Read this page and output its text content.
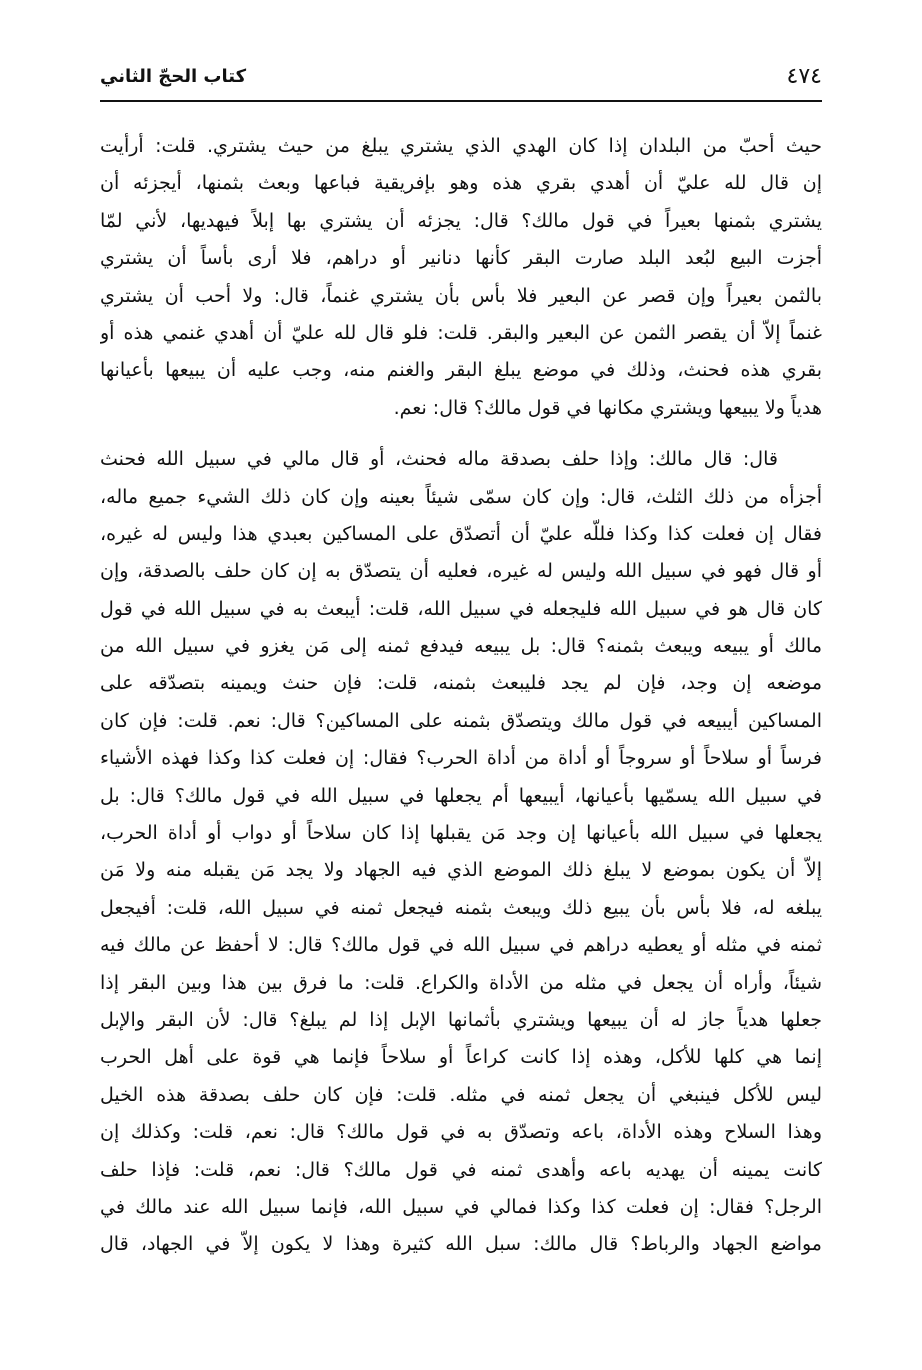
٤٧٤
كتاب الحجّ الثاني
حيث أحبّ من البلدان إذا كان الهدي الذي يشتري يبلغ من حيث يشتري. قلت: أرأيت
إن قال لله عليّ أن أهدي بقري هذه وهو بإفريقية فباعها وبعث بثمنها، أيجزئه أن
يشتري بثمنها بعيراً في قول مالك؟ قال: يجزئه أن يشتري بها إبلاً فيهديها، لأني لمّا
أجزت البيع لبُعد البلد صارت البقر كأنها دنانير أو دراهم، فلا أرى بأساً أن يشتري
بالثمن بعيراً وإن قصر عن البعير فلا بأس بأن يشتري غنماً، قال: ولا أحب أن يشتري
غنماً إلاّ أن يقصر الثمن عن البعير والبقر. قلت: فلو قال لله عليّ أن أهدي غنمي هذه أو
بقري هذه فحنث، وذلك في موضع يبلغ البقر والغنم منه، وجب عليه أن يبيعها بأعيانها
هدياً ولا يبيعها ويشتري مكانها في قول مالك؟ قال: نعم.
قال: قال مالك: وإذا حلف بصدقة ماله فحنث، أو قال مالي في سبيل الله فحنث
أجزأه من ذلك الثلث، قال: وإن كان سمّى شيئاً بعينه وإن كان ذلك الشيء جميع ماله،
فقال إن فعلت كذا وكذا فللّه عليّ أن أتصدّق على المساكين بعبدي هذا وليس له غيره،
أو قال فهو في سبيل الله وليس له غيره، فعليه أن يتصدّق به إن كان حلف بالصدقة، وإن
كان قال هو في سبيل الله فليجعله في سبيل الله، قلت: أيبعث به في سبيل الله في قول
مالك أو يبيعه ويبعث بثمنه؟ قال: بل يبيعه فيدفع ثمنه إلى مَن يغزو في سبيل الله من
موضعه إن وجد، فإن لم يجد فليبعث بثمنه، قلت: فإن حنث ويمينه بتصدّقه على
المساكين أيبيعه في قول مالك ويتصدّق بثمنه على المساكين؟ قال: نعم. قلت: فإن كان
فرساً أو سلاحاً أو سروجاً أو أداة من أداة الحرب؟ فقال: إن فعلت كذا وكذا فهذه الأشياء
في سبيل الله يسمّيها بأعيانها، أيبيعها أم يجعلها في سبيل الله في قول مالك؟ قال: بل
يجعلها في سبيل الله بأعيانها إن وجد مَن يقبلها إذا كان سلاحاً أو دواب أو أداة الحرب،
إلاّ أن يكون بموضع لا يبلغ ذلك الموضع الذي فيه الجهاد ولا يجد مَن يقبله منه ولا مَن
يبلغه له، فلا بأس بأن يبيع ذلك ويبعث بثمنه فيجعل ثمنه في سبيل الله، قلت: أفيجعل
ثمنه في مثله أو يعطيه دراهم في سبيل الله في قول مالك؟ قال: لا أحفظ عن مالك فيه
شيئاً، وأراه أن يجعل في مثله من الأداة والكراع. قلت: ما فرق بين هذا وبين البقر إذا
جعلها هدياً جاز له أن يبيعها ويشتري بأثمانها الإبل إذا لم يبلغ؟ قال: لأن البقر والإبل
إنما هي كلها للأكل، وهذه إذا كانت كراعاً أو سلاحاً فإنما هي قوة على أهل الحرب
ليس للأكل فينبغي أن يجعل ثمنه في مثله. قلت: فإن كان حلف بصدقة هذه الخيل
وهذا السلاح وهذه الأداة، باعه وتصدّق به في قول مالك؟ قال: نعم، قلت: وكذلك إن
كانت يمينه أن يهديه باعه وأهدى ثمنه في قول مالك؟ قال: نعم، قلت: فإذا حلف
الرجل؟ فقال: إن فعلت كذا وكذا فمالي في سبيل الله، فإنما سبيل الله عند مالك في
مواضع الجهاد والرباط؟ قال مالك: سبل الله كثيرة وهذا لا يكون إلاّ في الجهاد، قال
